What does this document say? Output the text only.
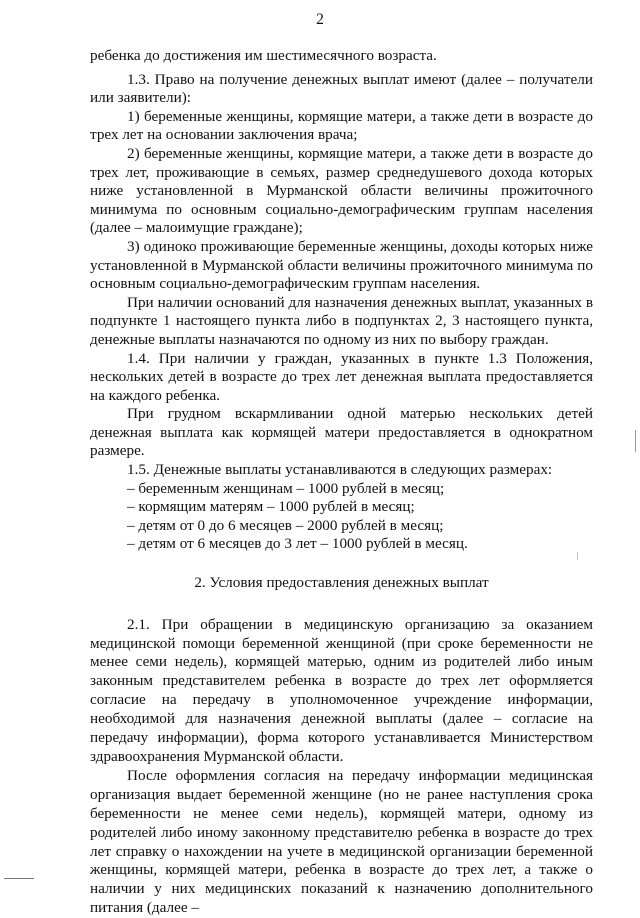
2

ребенка до достижения им шестимесячного возраста.

1.3. Право на получение денежных выплат имеют (далее – получатели или заявители):

1) беременные женщины, кормящие матери, а также дети в возрасте до трех лет на основании заключения врача;

2) беременные женщины, кормящие матери, а также дети в возрасте до трех лет, проживающие в семьях, размер среднедушевого дохода которых ниже установленной в Мурманской области величины прожиточного минимума по основным социально-демографическим группам населения (далее – малоимущие граждане);

3) одиноко проживающие беременные женщины, доходы которых ниже установленной в Мурманской области величины прожиточного минимума по основным социально-демографическим группам населения.

При наличии оснований для назначения денежных выплат, указанных в подпункте 1 настоящего пункта либо в подпунктах 2, 3 настоящего пункта, денежные выплаты назначаются по одному из них по выбору граждан.

1.4. При наличии у граждан, указанных в пункте 1.3 Положения, нескольких детей в возрасте до трех лет денежная выплата предоставляется на каждого ребенка.

При грудном вскармливании одной матерью нескольких детей денежная выплата как кормящей матери предоставляется в однократном размере.

1.5. Денежные выплаты устанавливаются в следующих размерах:

– беременным женщинам – 1000 рублей в месяц;

– кормящим матерям – 1000 рублей в месяц;

– детям от 0 до 6 месяцев – 2000 рублей в месяц;

– детям от 6 месяцев до 3 лет – 1000 рублей в месяц.

2. Условия предоставления денежных выплат

2.1. При обращении в медицинскую организацию за оказанием медицинской помощи беременной женщиной (при сроке беременности не менее семи недель), кормящей матерью, одним из родителей либо иным законным представителем ребенка в возрасте до трех лет оформляется согласие на передачу в уполномоченное учреждение информации, необходимой для назначения денежной выплаты (далее – согласие на передачу информации), форма которого устанавливается Министерством здравоохранения Мурманской области.

После оформления согласия на передачу информации медицинская организация выдает беременной женщине (но не ранее наступления срока беременности не менее семи недель), кормящей матери, одному из родителей либо иному законному представителю ребенка в возрасте до трех лет справку о нахождении на учете в медицинской организации беременной женщины, кормящей матери, ребенка в возрасте до трех лет, а также о наличии у них медицинских показаний к назначению дополнительного питания (далее –
